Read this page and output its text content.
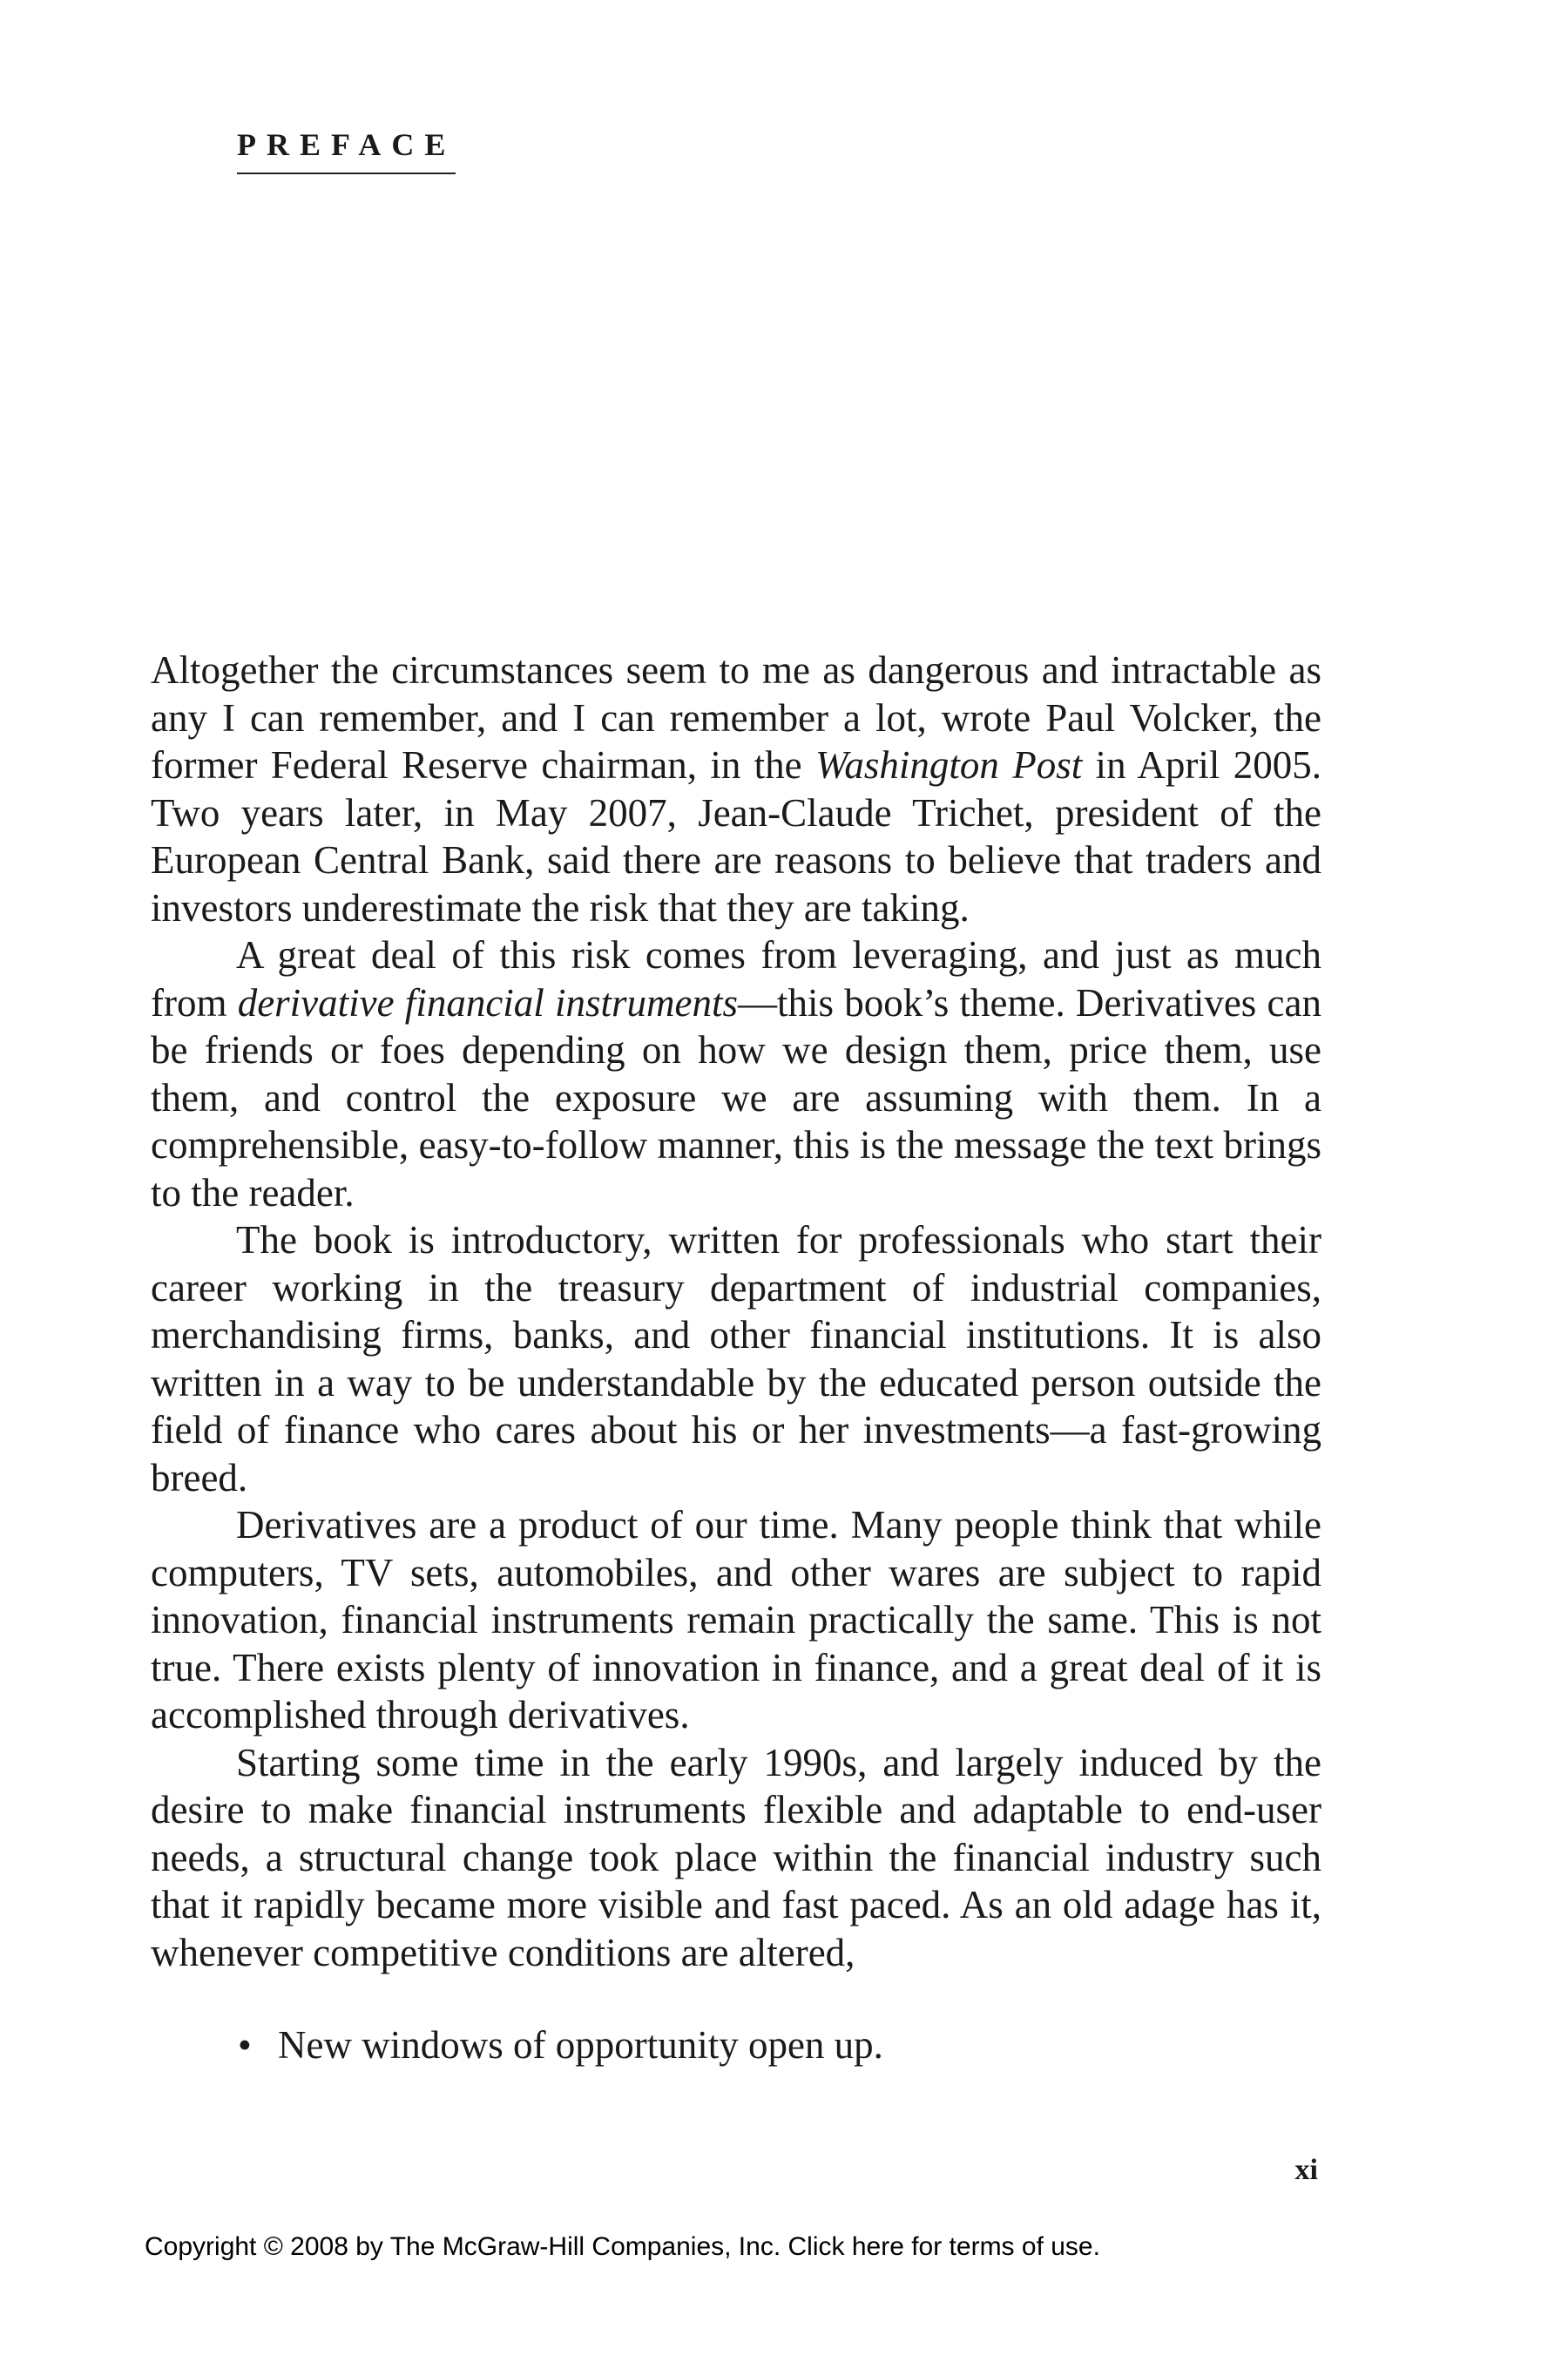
PREFACE

Altogether the circumstances seem to me as dangerous and intractable as any I can remember, and I can remember a lot, wrote Paul Volcker, the former Federal Reserve chairman, in the Washington Post in April 2005. Two years later, in May 2007, Jean-Claude Trichet, president of the European Central Bank, said there are reasons to believe that traders and investors underestimate the risk that they are taking.

A great deal of this risk comes from leveraging, and just as much from derivative financial instruments—this book’s theme. Derivatives can be friends or foes depending on how we design them, price them, use them, and control the exposure we are assuming with them. In a comprehensible, easy-to-follow manner, this is the message the text brings to the reader.

The book is introductory, written for professionals who start their career working in the treasury department of industrial companies, merchandising firms, banks, and other financial institutions. It is also written in a way to be understandable by the educated person outside the field of finance who cares about his or her investments—a fast-growing breed.

Derivatives are a product of our time. Many people think that while computers, TV sets, automobiles, and other wares are subject to rapid innovation, financial instruments remain practically the same. This is not true. There exists plenty of innovation in finance, and a great deal of it is accomplished through derivatives.

Starting some time in the early 1990s, and largely induced by the desire to make financial instruments flexible and adaptable to end-user needs, a structural change took place within the financial industry such that it rapidly became more visible and fast paced. As an old adage has it, whenever competitive conditions are altered,

• New windows of opportunity open up.
xi
Copyright © 2008 by The McGraw-Hill Companies, Inc. Click here for terms of use.
